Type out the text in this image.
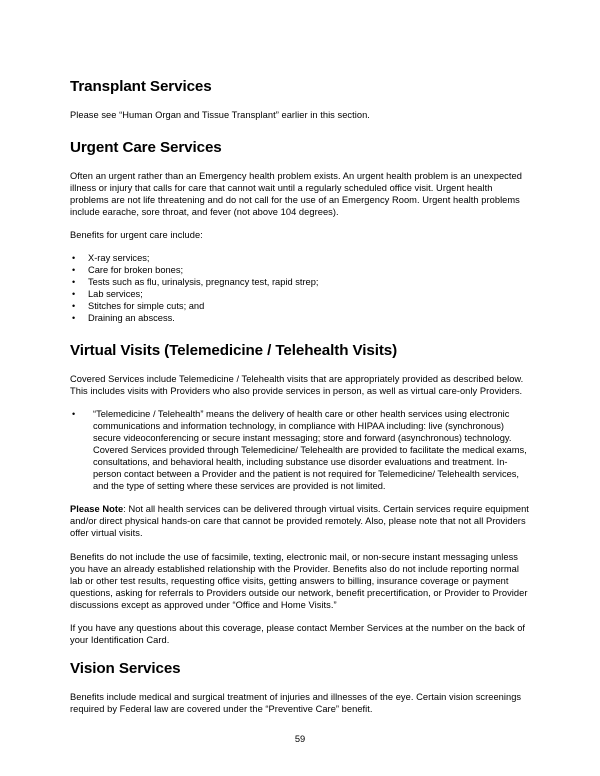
Transplant Services

Please see “Human Organ and Tissue Transplant” earlier in this section.

Urgent Care Services

Often an urgent rather than an Emergency health problem exists. An urgent health problem is an unexpected illness or injury that calls for care that cannot wait until a regularly scheduled office visit. Urgent health problems are not life threatening and do not call for the use of an Emergency Room. Urgent health problems include earache, sore throat, and fever (not above 104 degrees).

Benefits for urgent care include:

• X-ray services;
• Care for broken bones;
• Tests such as flu, urinalysis, pregnancy test, rapid strep;
• Lab services;
• Stitches for simple cuts; and
• Draining an abscess.
Virtual Visits (Telemedicine / Telehealth Visits)

Covered Services include Telemedicine / Telehealth visits that are appropriately provided as described below. This includes visits with Providers who also provide services in person, as well as virtual care-only Providers.

• “Telemedicine / Telehealth” means the delivery of health care or other health services using electronic communications and information technology, in compliance with HIPAA including: live (synchronous) secure videoconferencing or secure instant messaging; store and forward (asynchronous) technology. Covered Services provided through Telemedicine/ Telehealth are provided to facilitate the medical exams, consultations, and behavioral health, including substance use disorder evaluations and treatment. In-person contact between a Provider and the patient is not required for Telemedicine/ Telehealth services, and the type of setting where these services are provided is not limited.

Please Note: Not all health services can be delivered through virtual visits. Certain services require equipment and/or direct physical hands-on care that cannot be provided remotely. Also, please note that not all Providers offer virtual visits.

Benefits do not include the use of facsimile, texting, electronic mail, or non-secure instant messaging unless you have an already established relationship with the Provider. Benefits also do not include reporting normal lab or other test results, requesting office visits, getting answers to billing, insurance coverage or payment questions, asking for referrals to Providers outside our network, benefit precertification, or Provider to Provider discussions except as approved under “Office and Home Visits.”

If you have any questions about this coverage, please contact Member Services at the number on the back of your Identification Card.

Vision Services

Benefits include medical and surgical treatment of injuries and illnesses of the eye. Certain vision screenings required by Federal law are covered under the “Preventive Care” benefit.

59
